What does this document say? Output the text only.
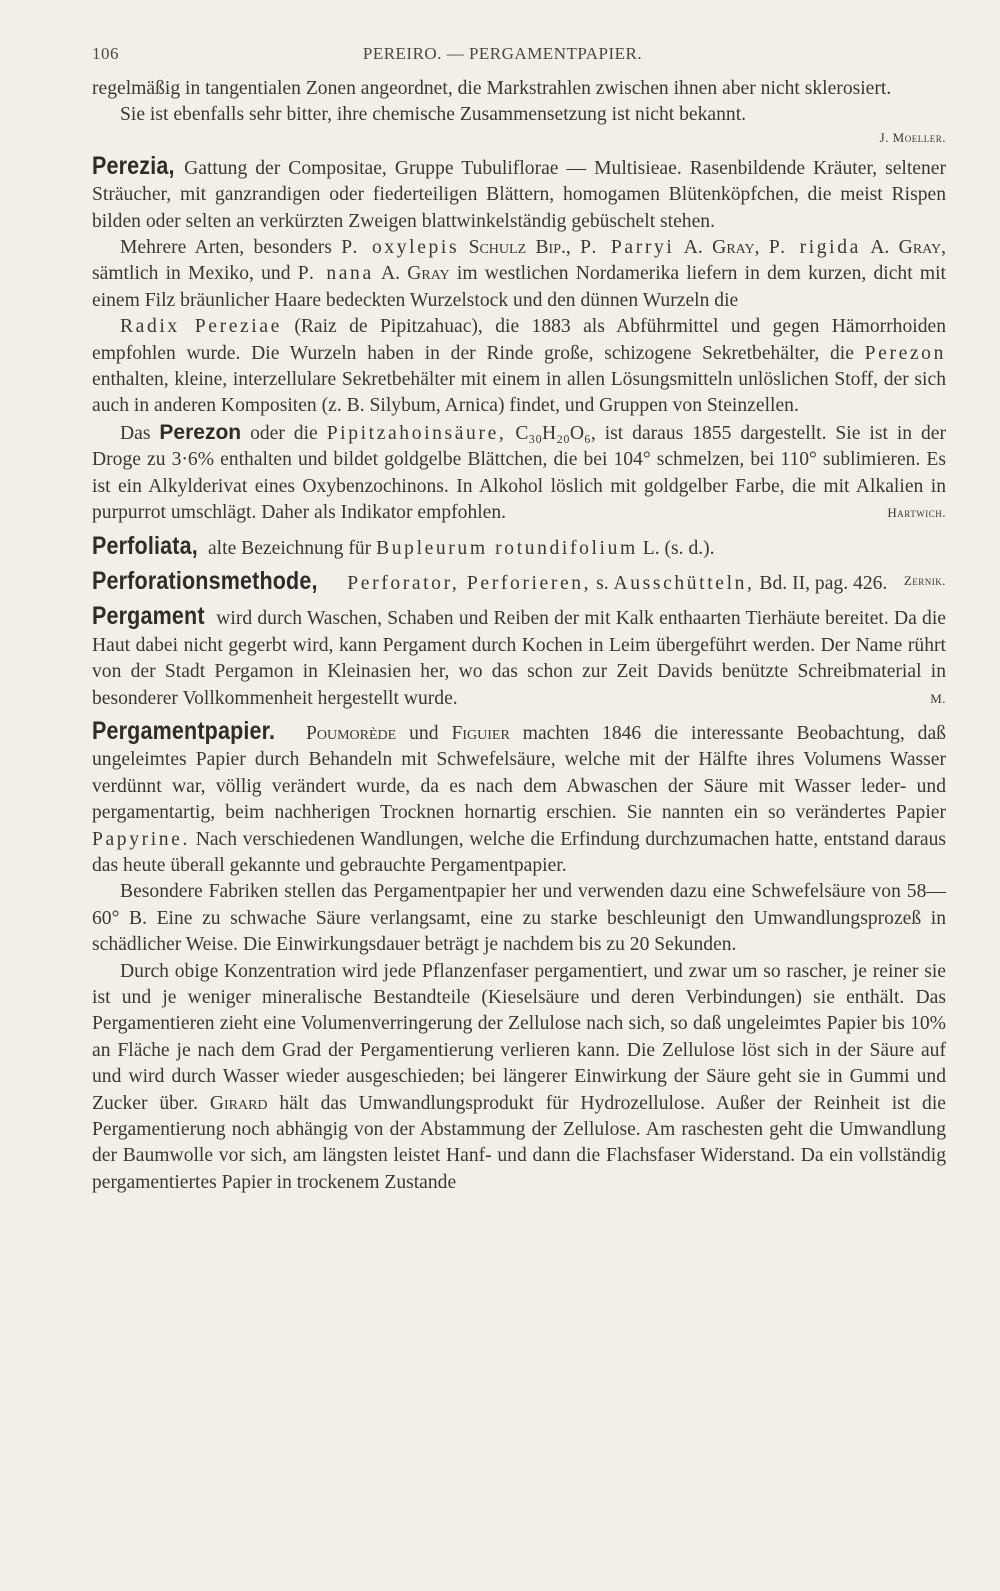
106	PEREIRO. — PERGAMENTPAPIER.

regelmäßig in tangentialen Zonen angeordnet, die Markstrahlen zwischen ihnen aber nicht sklerosiert.

Sie ist ebenfalls sehr bitter, ihre chemische Zusammensetzung ist nicht bekannt.

J. Moeller.

Perezia, Gattung der Compositae, Gruppe Tubuliflorae — Multisieae. Rasenbildende Kräuter, seltener Sträucher, mit ganzrandigen oder fiederteiligen Blättern, homogamen Blütenköpfchen, die meist Rispen bilden oder selten an verkürzten Zweigen blattwinkelständig gebüschelt stehen.

Mehrere Arten, besonders P. oxylepis Schulz Bip., P. Parryi A. Gray, P. rigida A. Gray, sämtlich in Mexiko, und P. nana A. Gray im westlichen Nordamerika liefern in dem kurzen, dicht mit einem Filz bräunlicher Haare bedeckten Wurzelstock und den dünnen Wurzeln die

Radix Pereziae (Raiz de Pipitzahuac), die 1883 als Abführmittel und gegen Hämorrhoiden empfohlen wurde. Die Wurzeln haben in der Rinde große, schizogene Sekretbehälter, die Perezon enthalten, kleine, interzellulare Sekretbehälter mit einem in allen Lösungsmitteln unlöslichen Stoff, der sich auch in anderen Kompositen (z. B. Silybum, Arnica) findet, und Gruppen von Steinzellen.

Das Perezon oder die Pipitzahoinsäure, C₃₀H₂₀O₆, ist daraus 1855 dargestellt. Sie ist in der Droge zu 3·6% enthalten und bildet goldgelbe Blättchen, die bei 104° schmelzen, bei 110° sublimieren. Es ist ein Alkylderivat eines Oxybenzochinons. In Alkohol löslich mit goldgelber Farbe, die mit Alkalien in purpurrot umschlägt. Daher als Indikator empfohlen.	Hartwich.

Perfoliata, alte Bezeichnung für Bupleurum rotundifolium L. (s. d.).

Perforationsmethode, Perforator, Perforieren, s. Ausschütteln, Bd. II, pag. 426. Zernik.

Pergament wird durch Waschen, Schaben und Reiben der mit Kalk enthaarten Tierhäute bereitet. Da die Haut dabei nicht gegerbt wird, kann Pergament durch Kochen in Leim übergeführt werden. Der Name rührt von der Stadt Pergamon in Kleinasien her, wo das schon zur Zeit Davids benützte Schreibmaterial in besonderer Vollkommenheit hergestellt wurde.	M.

Pergamentpapier. Poumorède und Figuier machten 1846 die interessante Beobachtung, daß ungeleimtes Papier durch Behandeln mit Schwefelsäure, welche mit der Hälfte ihres Volumens Wasser verdünnt war, völlig verändert wurde, da es nach dem Abwaschen der Säure mit Wasser leder- und pergamentartig, beim nachherigen Trocknen hornartig erschien. Sie nannten ein so verändertes Papier Papyrine. Nach verschiedenen Wandlungen, welche die Erfindung durchzumachen hatte, entstand daraus das heute überall gekannte und gebrauchte Pergamentpapier.

Besondere Fabriken stellen das Pergamentpapier her und verwenden dazu eine Schwefelsäure von 58—60° B. Eine zu schwache Säure verlangsamt, eine zu starke beschleunigt den Umwandlungsprozeß in schädlicher Weise. Die Einwirkungsdauer beträgt je nachdem bis zu 20 Sekunden.

Durch obige Konzentration wird jede Pflanzenfaser pergamentiert, und zwar um so rascher, je reiner sie ist und je weniger mineralische Bestandteile (Kieselsäure und deren Verbindungen) sie enthält. Das Pergamentieren zieht eine Volumenverringerung der Zellulose nach sich, so daß ungeleimtes Papier bis 10% an Fläche je nach dem Grad der Pergamentierung verlieren kann. Die Zellulose löst sich in der Säure auf und wird durch Wasser wieder ausgeschieden; bei längerer Einwirkung der Säure geht sie in Gummi und Zucker über. Girard hält das Umwandlungsprodukt für Hydrozellulose. Außer der Reinheit ist die Pergamentierung noch abhängig von der Abstammung der Zellulose. Am raschesten geht die Umwandlung der Baumwolle vor sich, am längsten leistet Hanf- und dann die Flachsfaser Widerstand. Da ein vollständig pergamentiertes Papier in trockenem Zustande
